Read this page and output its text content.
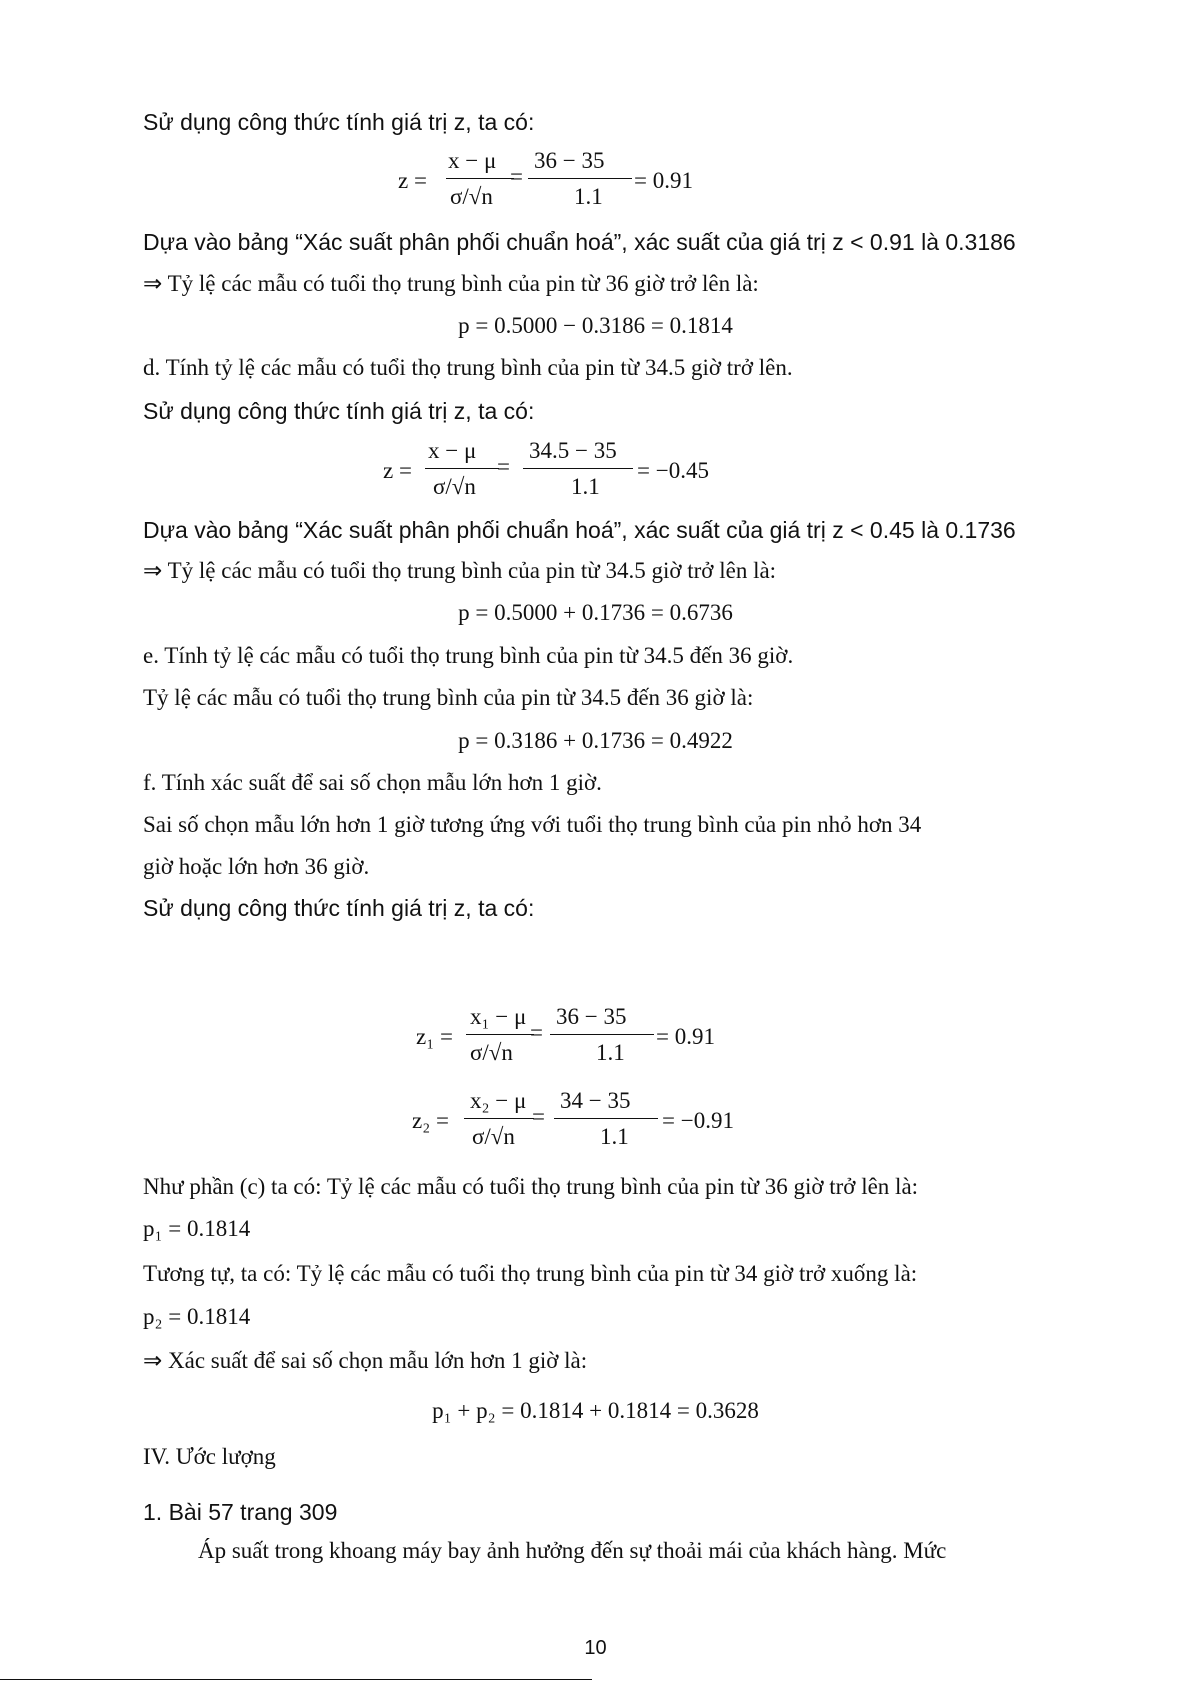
Sử dụng công thức tính giá trị z, ta có:
z =
x − μ
σ/√n
=
36 − 35
1.1
= 0.91
Dựa vào bảng “Xác suất phân phối chuẩn hoá”, xác suất của giá trị z < 0.91 là 0.3186
⇒ Tỷ lệ các mẫu có tuổi thọ trung bình của pin từ 36 giờ trở lên là:
p = 0.5000 − 0.3186 = 0.1814
d. Tính tỷ lệ các mẫu có tuổi thọ trung bình của pin từ 34.5 giờ trở lên.
Sử dụng công thức tính giá trị z, ta có:
z =
x − μ
σ/√n
=
34.5 − 35
1.1
= −0.45
Dựa vào bảng “Xác suất phân phối chuẩn hoá”, xác suất của giá trị z < 0.45 là 0.1736
⇒ Tỷ lệ các mẫu có tuổi thọ trung bình của pin từ 34.5 giờ trở lên là:
p = 0.5000 + 0.1736 = 0.6736
e. Tính tỷ lệ các mẫu có tuổi thọ trung bình của pin từ 34.5 đến 36 giờ.
Tỷ lệ các mẫu có tuổi thọ trung bình của pin từ 34.5 đến 36 giờ là:
p = 0.3186 + 0.1736 = 0.4922
f. Tính xác suất để sai số chọn mẫu lớn hơn 1 giờ.
Sai số chọn mẫu lớn hơn 1 giờ tương ứng với tuổi thọ trung bình của pin nhỏ hơn 34
giờ hoặc lớn hơn 36 giờ.
Sử dụng công thức tính giá trị z, ta có:
z₁ =
x₁ − μ
σ/√n
=
36 − 35
1.1
= 0.91
z₂ =
x₂ − μ
σ/√n
=
34 − 35
1.1
= −0.91
Như phần (c) ta có: Tỷ lệ các mẫu có tuổi thọ trung bình của pin từ 36 giờ trở lên là:
p₁ = 0.1814
Tương tự, ta có: Tỷ lệ các mẫu có tuổi thọ trung bình của pin từ 34 giờ trở xuống là:
p₂ = 0.1814
⇒ Xác suất để sai số chọn mẫu lớn hơn 1 giờ là:
p₁ + p₂ = 0.1814 + 0.1814 = 0.3628
IV. Ước lượng
1. Bài 57 trang 309
Áp suất trong khoang máy bay ảnh hưởng đến sự thoải mái của khách hàng. Mức
10
